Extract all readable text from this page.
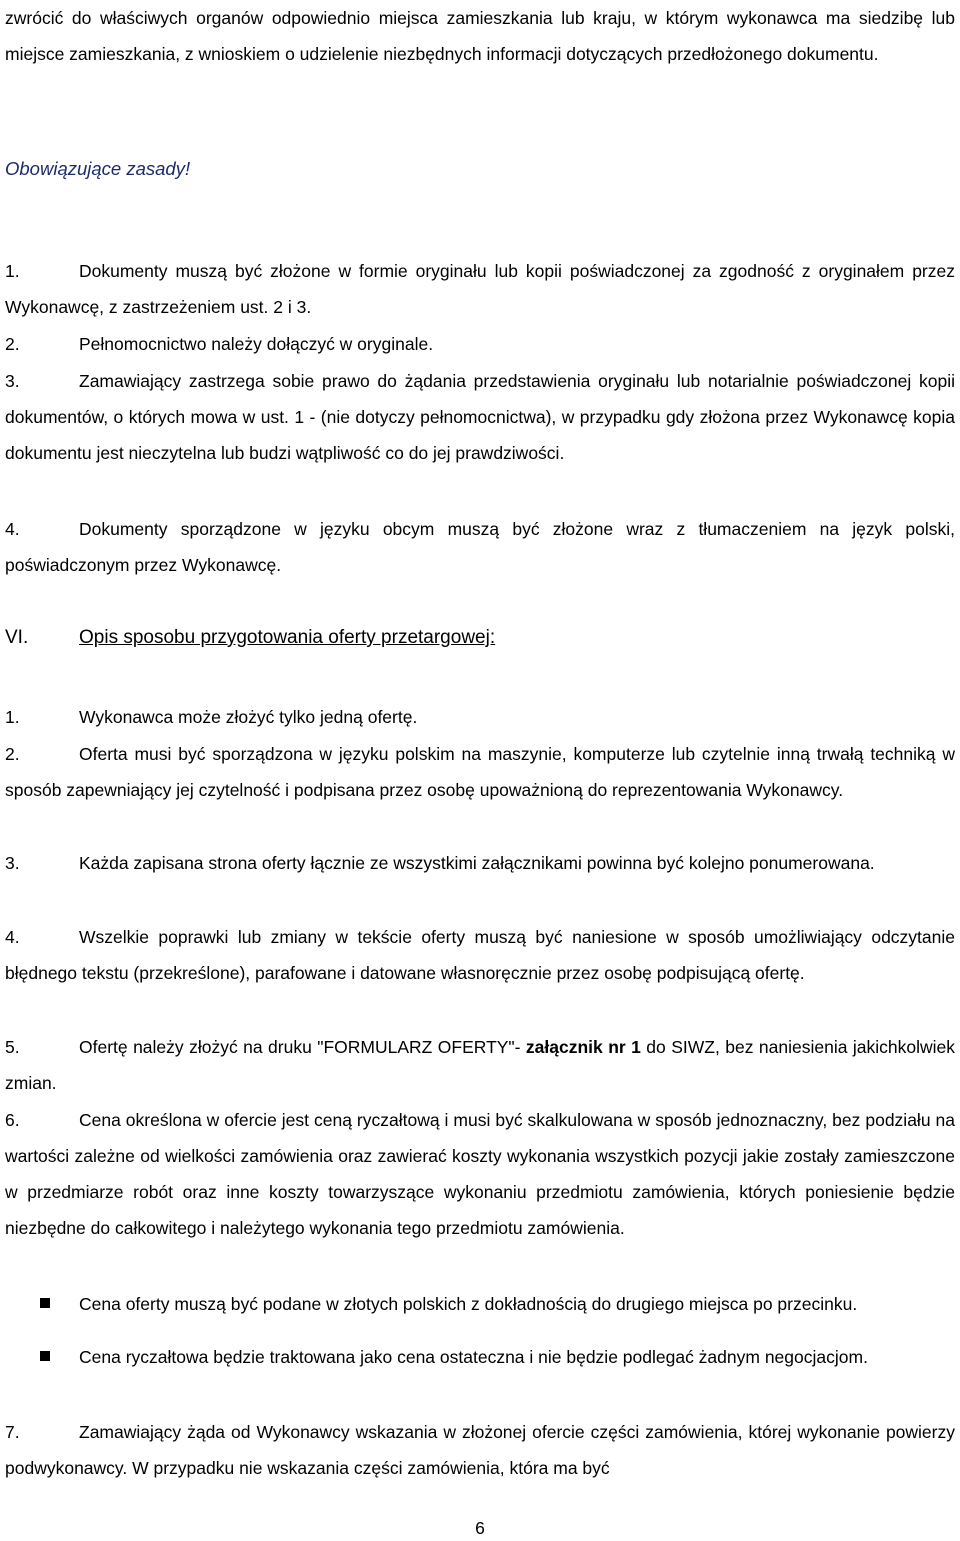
zwrócić do właściwych organów odpowiednio miejsca zamieszkania lub kraju, w którym wykonawca ma siedzibę lub miejsce zamieszkania, z wnioskiem o udzielenie niezbędnych informacji dotyczących przedłożonego dokumentu.
Obowiązujące zasady!
1.	Dokumenty muszą być złożone w formie oryginału lub kopii poświadczonej za zgodność z oryginałem przez Wykonawcę, z zastrzeżeniem ust. 2 i 3.
2.	Pełnomocnictwo należy dołączyć w oryginale.
3.	Zamawiający zastrzega sobie prawo do żądania przedstawienia oryginału lub notarialnie poświadczonej kopii dokumentów, o których mowa w ust. 1 - (nie dotyczy pełnomocnictwa), w przypadku gdy złożona przez Wykonawcę kopia dokumentu jest nieczytelna lub budzi wątpliwość co do jej prawdziwości.
4.	Dokumenty sporządzone w języku obcym muszą być złożone wraz z tłumaczeniem na język polski, poświadczonym przez Wykonawcę.
VI.	Opis sposobu przygotowania oferty przetargowej:
1.	Wykonawca może złożyć tylko jedną ofertę.
2.	Oferta musi być sporządzona w języku polskim na maszynie, komputerze lub czytelnie inną trwałą techniką w sposób zapewniający jej czytelność i podpisana przez osobę upoważnioną do reprezentowania Wykonawcy.
3.	Każda zapisana strona oferty łącznie ze wszystkimi załącznikami powinna być kolejno ponumerowana.
4.	Wszelkie poprawki lub zmiany w tekście oferty muszą być naniesione w sposób umożliwiający odczytanie błędnego tekstu (przekreślone), parafowane i datowane własnoręcznie przez osobę podpisującą ofertę.
5.	Ofertę należy złożyć na druku "FORMULARZ OFERTY"- załącznik nr 1 do SIWZ, bez naniesienia jakichkolwiek zmian.
6.	Cena określona w ofercie jest ceną ryczałtową i musi być skalkulowana w sposób jednoznaczny, bez podziału na wartości zależne od wielkości zamówienia oraz zawierać koszty wykonania wszystkich pozycji jakie zostały zamieszczone w przedmiarze robót oraz inne koszty towarzyszące wykonaniu przedmiotu zamówienia, których poniesienie będzie niezbędne do całkowitego i należytego wykonania tego przedmiotu zamówienia.
Cena oferty muszą być podane w złotych polskich z dokładnością do drugiego miejsca po przecinku.
Cena ryczałtowa będzie traktowana jako cena ostateczna i nie będzie podlegać żadnym negocjacjom.
7.	Zamawiający żąda od Wykonawcy wskazania w złożonej ofercie części zamówienia, której wykonanie powierzy podwykonawcy. W przypadku nie wskazania części zamówienia, która ma być
6
